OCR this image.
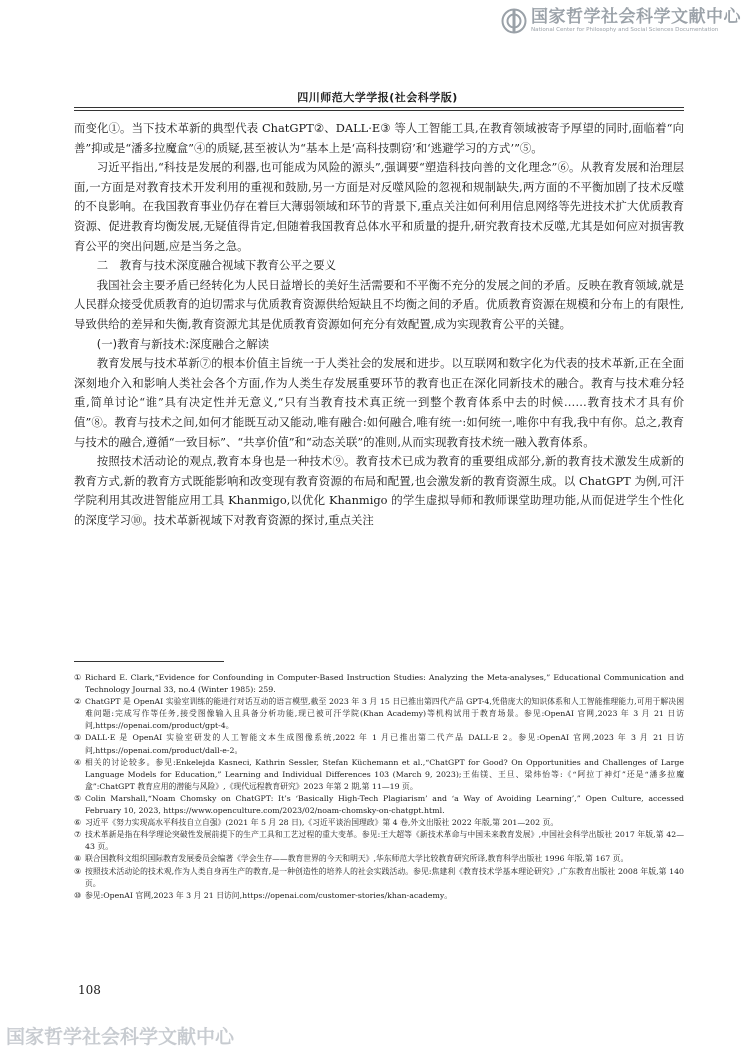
国家哲学社会科学文献中心
National Center for Philosophy and Social Sciences Documentation
四川师范大学学报(社会科学版)

而变化①。当下技术革新的典型代表 ChatGPT②、DALL·E③ 等人工智能工具,在教育领域被寄予厚望的同时,面临着“向善”抑或是“潘多拉魔盒”④的质疑,甚至被认为“基本上是‘高科技剽窃’和‘逃避学习的方式’”⑤。

习近平指出,“科技是发展的利器,也可能成为风险的源头”,强调要“塑造科技向善的文化理念”⑥。从教育发展和治理层面,一方面是对教育技术开发利用的重视和鼓励,另一方面是对反噬风险的忽视和规制缺失,两方面的不平衡加剧了技术反噬的不良影响。在我国教育事业仍存在着巨大薄弱领域和环节的背景下,重点关注如何利用信息网络等先进技术扩大优质教育资源、促进教育均衡发展,无疑值得肯定,但随着我国教育总体水平和质量的提升,研究教育技术反噬,尤其是如何应对损害教育公平的突出问题,应是当务之急。

二　教育与技术深度融合视域下教育公平之要义

我国社会主要矛盾已经转化为人民日益增长的美好生活需要和不平衡不充分的发展之间的矛盾。反映在教育领域,就是人民群众接受优质教育的迫切需求与优质教育资源供给短缺且不均衡之间的矛盾。优质教育资源在规模和分布上的有限性,导致供给的差异和失衡,教育资源尤其是优质教育资源如何充分有效配置,成为实现教育公平的关键。

(一)教育与新技术:深度融合之解读

教育发展与技术革新⑦的根本价值主旨统一于人类社会的发展和进步。以互联网和数字化为代表的技术革新,正在全面深刻地介入和影响人类社会各个方面,作为人类生存发展重要环节的教育也正在深化同新技术的融合。教育与技术难分轻重,简单讨论“谁”具有决定性并无意义,“只有当教育技术真正统一到整个教育体系中去的时候……教育技术才具有价值”⑧。教育与技术之间,如何才能既互动又能动,唯有融合:如何融合,唯有统一:如何统一,唯你中有我,我中有你。总之,教育与技术的融合,遵循“一致目标”、“共享价值”和“动态关联”的准则,从而实现教育技术统一融入教育体系。

按照技术活动论的观点,教育本身也是一种技术⑨。教育技术已成为教育的重要组成部分,新的教育技术激发生成新的教育方式,新的教育方式既能影响和改变现有教育资源的布局和配置,也会激发新的教育资源生成。以 ChatGPT 为例,可汗学院利用其改进智能应用工具 Khanmigo,以优化 Khanmigo 的学生虚拟导师和教师课堂助理功能,从而促进学生个性化的深度学习⑩。技术革新视域下对教育资源的探讨,重点关注

① Richard E. Clark,“Evidence for Confounding in Computer-Based Instruction Studies: Analyzing the Meta-analyses,” Educational Communication and Technology Journal 33, no.4 (Winter 1985): 259.
② ChatGPT 是 OpenAI 实验室训练的能进行对话互动的语言模型,截至 2023 年 3 月 15 日已推出第四代产品 GPT-4,凭借庞大的知识体系和人工智能推理能力,可用于解决困难问题:完成写作等任务,接受图像输入且具备分析功能,现已被可汗学院(Khan Academy)等机构试用于教育场景。参见:OpenAI 官网,2023 年 3 月 21 日访问,https://openai.com/product/gpt-4。
③ DALL·E 是 OpenAI 实验室研发的人工智能文本生成图像系统,2022 年 1 月已推出第二代产品 DALL·E 2。参见:OpenAI 官网,2023 年 3 月 21 日访问,https://openai.com/product/dall-e-2。
④ 相关的讨论较多。参见:Enkelejda Kasneci, Kathrin Sessler, Stefan Küchemann et al.,“ChatGPT for Good? On Opportunities and Challenges of Large Language Models for Education,” Learning and Individual Differences 103 (March 9, 2023);王佑镁、王旦、梁炜怡等:《“阿拉丁神灯”还是“潘多拉魔盒”:ChatGPT 教育应用的潜能与风险》,《现代远程教育研究》2023 年第 2 期,第 11—19 页。
⑤ Colin Marshall,“Noam Chomsky on ChatGPT: It’s ‘Basically High-Tech Plagiarism’ and ‘a Way of Avoiding Learning’,” Open Culture, accessed February 10, 2023, https://www.openculture.com/2023/02/noam-chomsky-on-chatgpt.html.
⑥ 习近平《努力实现高水平科技自立自强》(2021 年 5 月 28 日),《习近平谈治国理政》第 4 卷,外文出版社 2022 年版,第 201—202 页。
⑦ 技术革新是指在科学理论突破性发展前提下的生产工具和工艺过程的重大变革。参见:王大超等《新技术革命与中国未来教育发展》,中国社会科学出版社 2017 年版,第 42—43 页。
⑧ 联合国教科文组织国际教育发展委员会编著《学会生存——教育世界的今天和明天》,华东师范大学比较教育研究所译,教育科学出版社 1996 年版,第 167 页。
⑨ 按照技术活动论的技术观,作为人类自身再生产的教育,是一种创造性的培养人的社会实践活动。参见:焦建利《教育技术学基本理论研究》,广东教育出版社 2008 年版,第 140 页。
⑩ 参见:OpenAI 官网,2023 年 3 月 21 日访问,https://openai.com/customer-stories/khan-academy。
108
国家哲学社会科学文献中心
